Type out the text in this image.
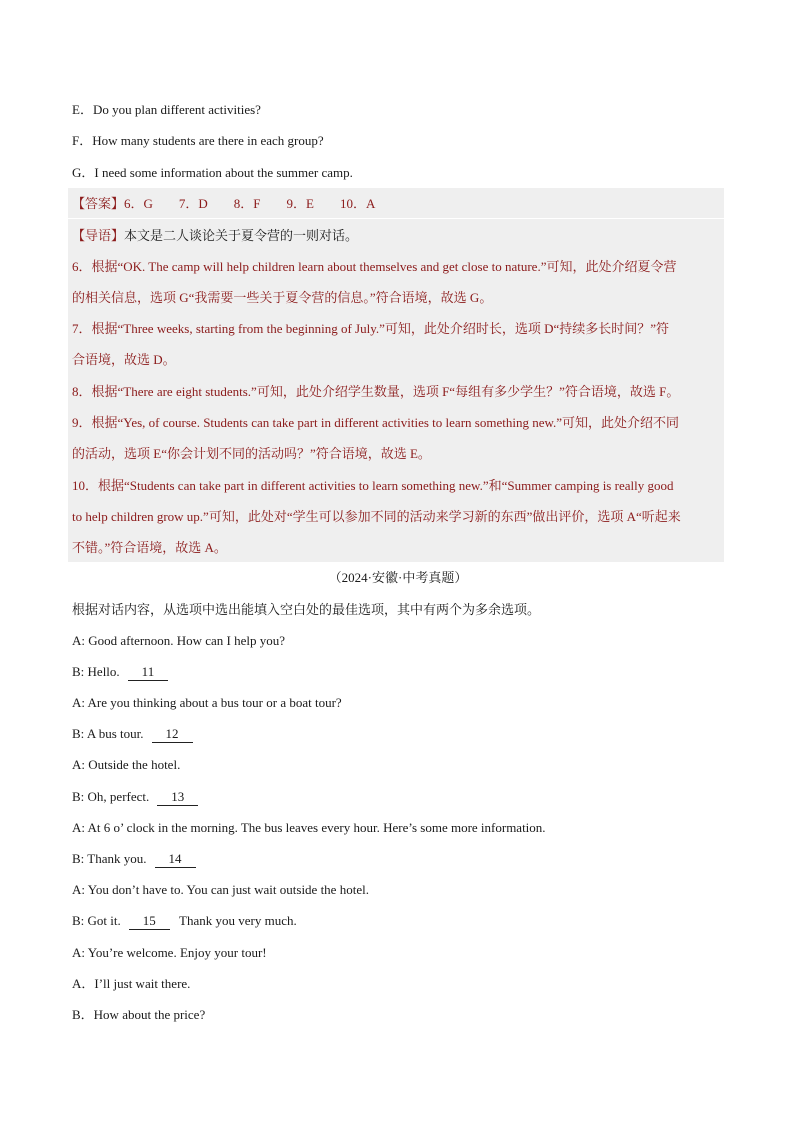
E．Do you plan different activities?
F．How many students are there in each group?
G．I need some information about the summer camp.
【答案】6．G　　7．D　　8．F　　9．E　　10．A
【导语】本文是二人谈论关于夏令营的一则对话。
6．根据“OK. The camp will help children learn about themselves and get close to nature.”可知，此处介绍夏令营
的相关信息，选项 G“我需要一些关于夏令营的信息。”符合语境，故选 G。
7．根据“Three weeks, starting from the beginning of July.”可知，此处介绍时长，选项 D“持续多长时间？”符
合语境，故选 D。
8．根据“There are eight students.”可知，此处介绍学生数量，选项 F“每组有多少学生？”符合语境，故选 F。
9．根据“Yes, of course. Students can take part in different activities to learn something new.”可知，此处介绍不同
的活动，选项 E“你会计划不同的活动吗？”符合语境，故选 E。
10．根据“Students can take part in different activities to learn something new.”和“Summer camping is really good
to help children grow up.”可知，此处对“学生可以参加不同的活动来学习新的东西”做出评价，选项 A“听起来
不错。”符合语境，故选 A。
（2024·安徽·中考真题）
根据对话内容，从选项中选出能填入空白处的最佳选项，其中有两个为多余选项。
A: Good afternoon. How can I help you?
B: Hello. 11
A: Are you thinking about a bus tour or a boat tour?
B: A bus tour. 12
A: Outside the hotel.
B: Oh, perfect. 13
A: At 6 o’ clock in the morning. The bus leaves every hour. Here’s some more information.
B: Thank you. 14
A: You don’t have to. You can just wait outside the hotel.
B: Got it. 15 Thank you very much.
A: You’re welcome. Enjoy your tour!
A．I’ll just wait there.
B．How about the price?
